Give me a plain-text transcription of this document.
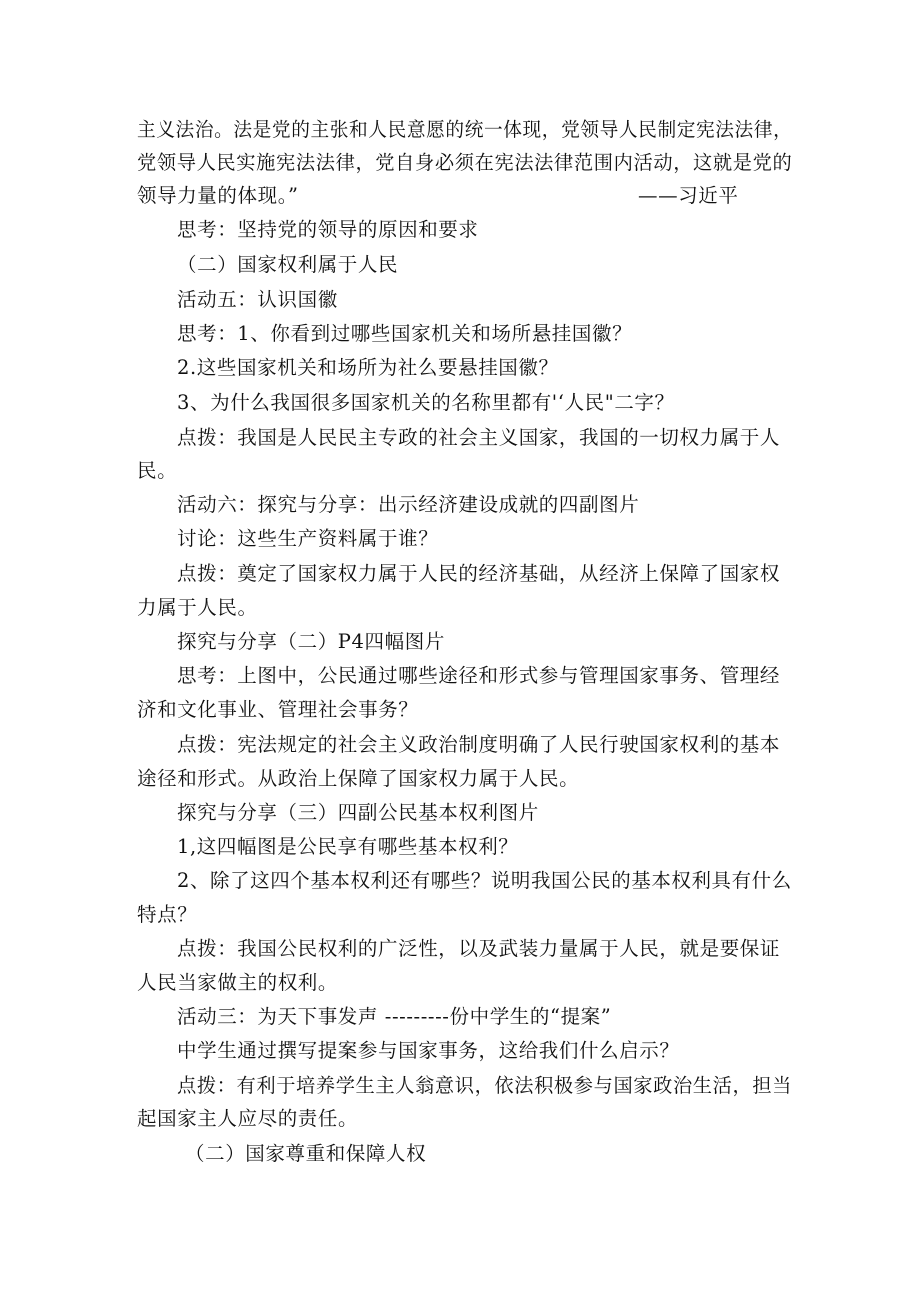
主义法治。法是党的主张和人民意愿的统一体现，党领导人民制定宪法法律，
党领导人民实施宪法法律，党自身必须在宪法法律范围内活动，这就是党的
领导力量的体现。”	——习近平
思考：坚持党的领导的原因和要求
（二）国家权利属于人民
活动五：认识国徽
思考：1、你看到过哪些国家机关和场所悬挂国徽？
2.这些国家机关和场所为社么要悬挂国徽？
3、为什么我国很多国家机关的名称里都有'‘人民"二字？
点拨：我国是人民民主专政的社会主义国家，我国的一切权力属于人
民。
活动六：探究与分享：出示经济建设成就的四副图片
讨论：这些生产资料属于谁？
点拨：奠定了国家权力属于人民的经济基础，从经济上保障了国家权
力属于人民。
探究与分享（二）P4四幅图片
思考：上图中，公民通过哪些途径和形式参与管理国家事务、管理经
济和文化事业、管理社会事务？
点拨：宪法规定的社会主义政治制度明确了人民行驶国家权利的基本
途径和形式。从政治上保障了国家权力属于人民。
探究与分享（三）四副公民基本权利图片
1,这四幅图是公民享有哪些基本权利？
2、除了这四个基本权利还有哪些？说明我国公民的基本权利具有什么
特点？
点拨：我国公民权利的广泛性，以及武装力量属于人民，就是要保证
人民当家做主的权利。
活动三：为天下事发声 ---------份中学生的“提案”
中学生通过撰写提案参与国家事务，这给我们什么启示？
点拨：有利于培养学生主人翁意识，依法积极参与国家政治生活，担当
起国家主人应尽的责任。
（二）国家尊重和保障人权
